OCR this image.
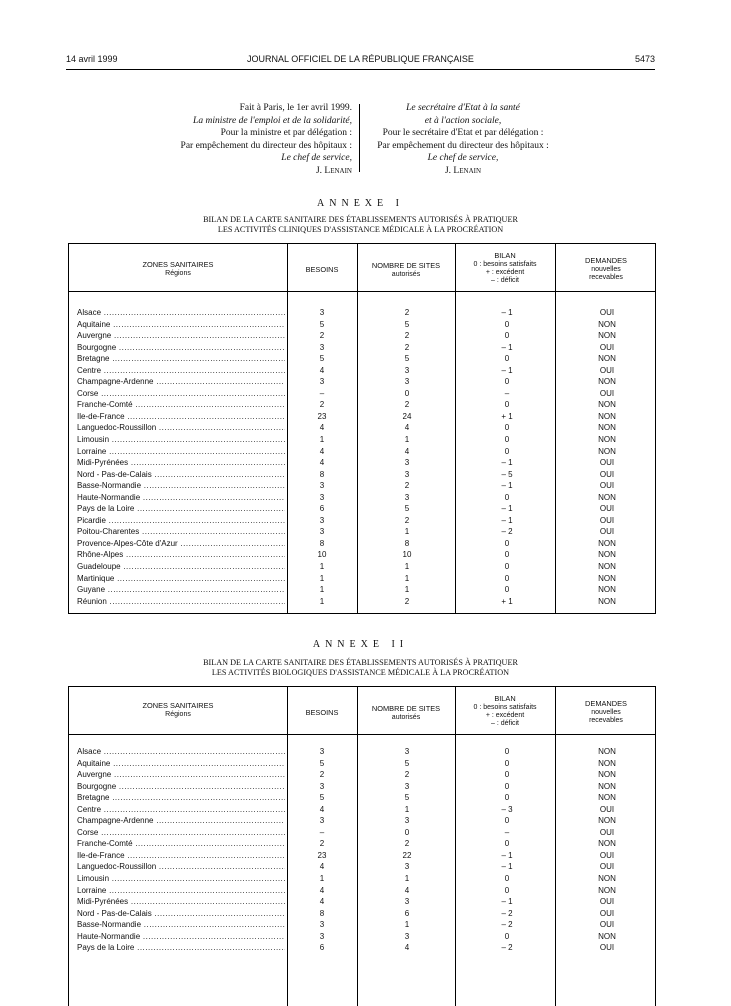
14 avril 1999	JOURNAL OFFICIEL DE LA RÉPUBLIQUE FRANÇAISE	5473
Fait à Paris, le 1er avril 1999.
La ministre de l'emploi et de la solidarité,
Pour la ministre et par délégation :
Par empêchement du directeur des hôpitaux :
Le chef de service,
J. Lenain
Le secrétaire d'Etat à la santé
et à l'action sociale,
Pour le secrétaire d'Etat et par délégation :
Par empêchement du directeur des hôpitaux :
Le chef de service,
J. Lenain
ANNEXE I
BILAN DE LA CARTE SANITAIRE DES ÉTABLISSEMENTS AUTORISÉS À PRATIQUER
LES ACTIVITÉS CLINIQUES D'ASSISTANCE MÉDICALE À LA PROCRÉATION
ZONES SANITAIRES
Régions	BESOINS	NOMBRE DE SITES
autorisés
BILAN
0 : besoins satisfaits
+ : excédent
– : déficit
DEMANDES
nouvelles
recevables
Alsace .....	3	2	– 1	OUI
Aquitaine .....	5	5	0	NON
Auvergne .....	2	2	0	NON
Bourgogne .....	3	2	– 1	OUI
Bretagne .....	5	5	0	NON
Centre .....	4	3	– 1	OUI
Champagne-Ardenne .....	3	3	0	NON
Corse .....	–	0	–	OUI
Franche-Comté .....	2	2	0	NON
Ile-de-France .....	23	24	+ 1	NON
Languedoc-Roussillon .....	4	4	0	NON
Limousin .....	1	1	0	NON
Lorraine .....	4	4	0	NON
Midi-Pyrénées .....	4	3	– 1	OUI
Nord - Pas-de-Calais .....	8	3	– 5	OUI
Basse-Normandie .....	3	2	– 1	OUI
Haute-Normandie .....	3	3	0	NON
Pays de la Loire .....	6	5	– 1	OUI
Picardie .....	3	2	– 1	OUI
Poitou-Charentes .....	3	1	– 2	OUI
Provence-Alpes-Côte d'Azur .....	8	8	0	NON
Rhône-Alpes .....	10	10	0	NON
Guadeloupe .....	1	1	0	NON
Martinique .....	1	1	0	NON
Guyane .....	1	1	0	NON
Réunion .....	1	2	+ 1	NON
ANNEXE II
BILAN DE LA CARTE SANITAIRE DES ÉTABLISSEMENTS AUTORISÉS À PRATIQUER
LES ACTIVITÉS BIOLOGIQUES D'ASSISTANCE MÉDICALE À LA PROCRÉATION
ZONES SANITAIRES
Régions	BESOINS	NOMBRE DE SITES
autorisés
BILAN
0 : besoins satisfaits
+ : excédent
– : déficit
DEMANDES
nouvelles
recevables
Alsace .....	3	3	0	NON
Aquitaine .....	5	5	0	NON
Auvergne .....	2	2	0	NON
Bourgogne .....	3	3	0	NON
Bretagne .....	5	5	0	NON
Centre .....	4	1	– 3	OUI
Champagne-Ardenne .....	3	3	0	NON
Corse .....	–	0	–	OUI
Franche-Comté .....	2	2	0	NON
Ile-de-France .....	23	22	– 1	OUI
Languedoc-Roussillon .....	4	3	– 1	OUI
Limousin .....	1	1	0	NON
Lorraine .....	4	4	0	NON
Midi-Pyrénées .....	4	3	– 1	OUI
Nord - Pas-de-Calais .....	8	6	– 2	OUI
Basse-Normandie .....	3	1	– 2	OUI
Haute-Normandie .....	3	3	0	NON
Pays de la Loire .....	6	4	– 2	OUI
